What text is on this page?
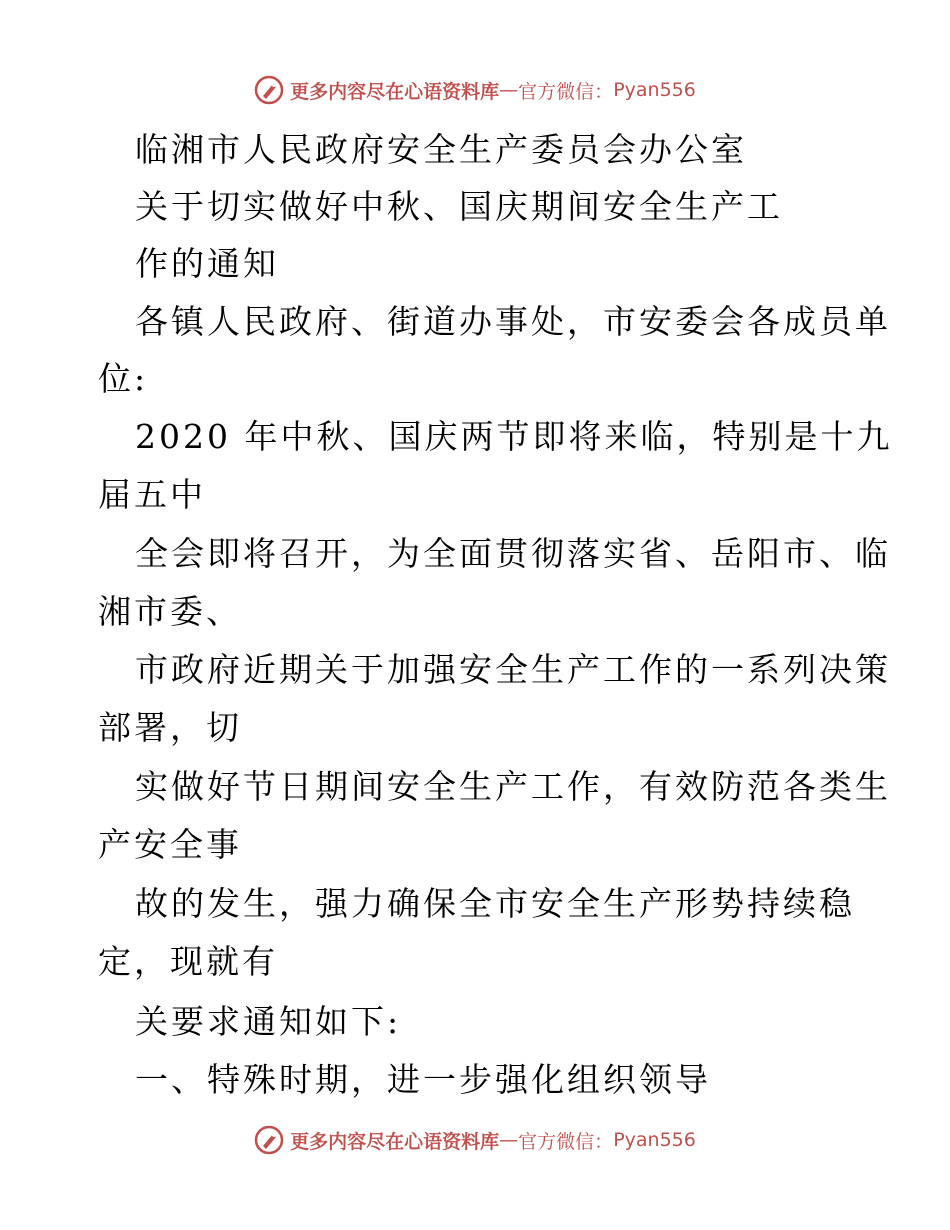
更多内容尽在心语资料库 — 官方微信： Pyan556
临湘市人民政府安全生产委员会办公室
关于切实做好中秋、国庆期间安全生产工
作的通知
各镇人民政府、街道办事处，市安委会各成员单
位:
2020 年中秋、国庆两节即将来临，特别是十九
届五中
全会即将召开，为全面贯彻落实省、岳阳市、临
湘市委、
市政府近期关于加强安全生产工作的一系列决策
部署，切
实做好节日期间安全生产工作，有效防范各类生
产安全事
故的发生，强力确保全市安全生产形势持续稳
定，现就有
关要求通知如下:
一、特殊时期，进一步强化组织领导
更多内容尽在心语资料库 — 官方微信： Pyan556
